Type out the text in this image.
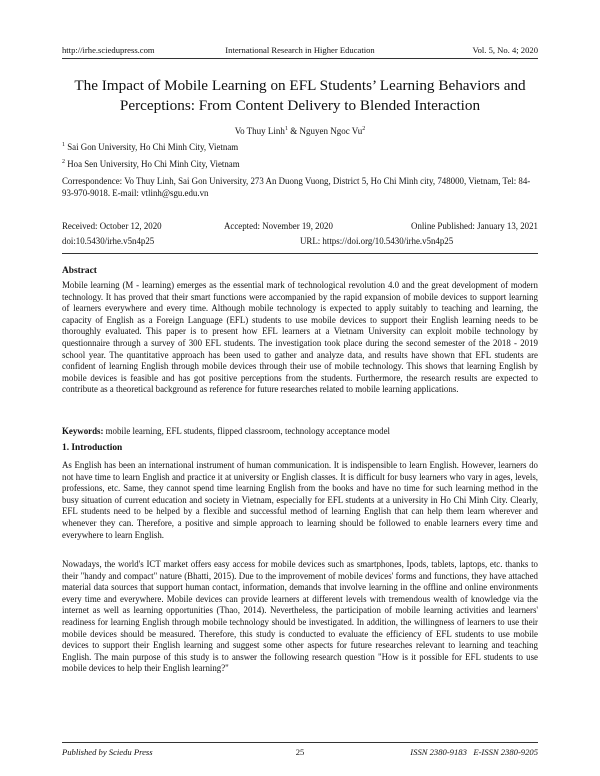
http://irhe.sciedupress.com	International Research in Higher Education	Vol. 5, No. 4; 2020
The Impact of Mobile Learning on EFL Students’ Learning Behaviors and Perceptions: From Content Delivery to Blended Interaction
Vo Thuy Linh$^1$ & Nguyen Ngoc Vu$^2$
$^1$ Sai Gon University, Ho Chi Minh City, Vietnam
$^2$ Hoa Sen University, Ho Chi Minh City, Vietnam
Correspondence: Vo Thuy Linh, Sai Gon University, 273 An Duong Vuong, District 5, Ho Chi Minh city, 748000, Vietnam, Tel: 84-93-970-9018. E-mail: vtlinh@sgu.edu.vn
Received: October 12, 2020	Accepted: November 19, 2020	Online Published: January 13, 2021
doi:10.5430/irhe.v5n4p25	URL: https://doi.org/10.5430/irhe.v5n4p25
Abstract
Mobile learning (M - learning) emerges as the essential mark of technological revolution 4.0 and the great development of modern technology. It has proved that their smart functions were accompanied by the rapid expansion of mobile devices to support learning of learners everywhere and every time. Although mobile technology is expected to apply suitably to teaching and learning, the capacity of English as a Foreign Language (EFL) students to use mobile devices to support their English learning needs to be thoroughly evaluated. This paper is to present how EFL learners at a Vietnam University can exploit mobile technology by questionnaire through a survey of 300 EFL students. The investigation took place during the second semester of the 2018 - 2019 school year. The quantitative approach has been used to gather and analyze data, and results have shown that EFL students are confident of learning English through mobile devices through their use of mobile technology. This shows that learning English by mobile devices is feasible and has got positive perceptions from the students. Furthermore, the research results are expected to contribute as a theoretical background as reference for future researches related to mobile learning applications.
Keywords: mobile learning, EFL students, flipped classroom, technology acceptance model
1. Introduction
As English has been an international instrument of human communication. It is indispensible to learn English. However, learners do not have time to learn English and practice it at university or English classes. It is difficult for busy learners who vary in ages, levels, professions, etc. Same, they cannot spend time learning English from the books and have no time for such learning method in the busy situation of current education and society in Vietnam, especially for EFL students at a university in Ho Chi Minh City. Clearly, EFL students need to be helped by a flexible and successful method of learning English that can help them learn wherever and whenever they can. Therefore, a positive and simple approach to learning should be followed to enable learners every time and everywhere to learn English.
Nowadays, the world's ICT market offers easy access for mobile devices such as smartphones, Ipods, tablets, laptops, etc. thanks to their "handy and compact" nature (Bhatti, 2015). Due to the improvement of mobile devices' forms and functions, they have attached material data sources that support human contact, information, demands that involve learning in the offline and online environments every time and everywhere. Mobile devices can provide learners at different levels with tremendous wealth of knowledge via the internet as well as learning opportunities (Thao, 2014). Nevertheless, the participation of mobile learning activities and learners' readiness for learning English through mobile technology should be investigated. In addition, the willingness of learners to use their mobile devices should be measured. Therefore, this study is conducted to evaluate the efficiency of EFL students to use mobile devices to support their English learning and suggest some other aspects for future researches relevant to learning and teaching English. The main purpose of this study is to answer the following research question "How is it possible for EFL students to use mobile devices to help their English learning?"
Published by Sciedu Press	25	ISSN 2380-9183   E-ISSN 2380-9205
